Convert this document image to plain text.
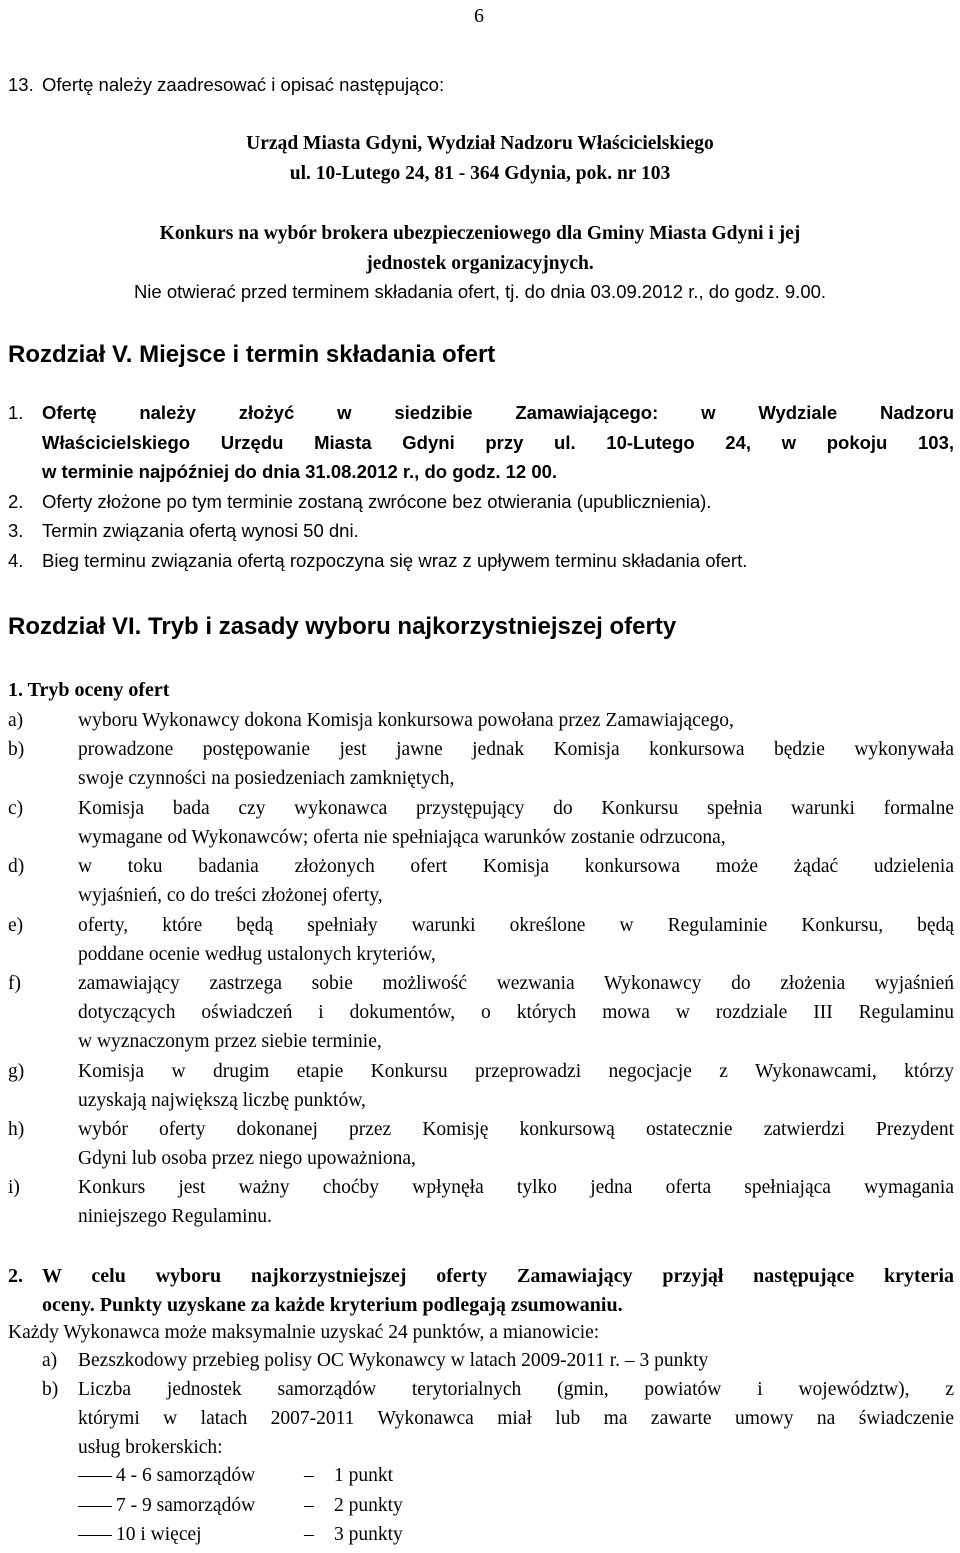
6
13. Ofertę należy zaadresować i opisać następująco:
Urząd Miasta Gdyni, Wydział Nadzoru Właścicielskiego
ul. 10-Lutego 24, 81 - 364 Gdynia, pok. nr 103
Konkurs na wybór brokera ubezpieczeniowego dla Gminy Miasta Gdyni i jej
jednostek organizacyjnych.
Nie otwierać przed terminem składania ofert, tj. do dnia 03.09.2012 r., do godz. 9.00.
Rozdział V. Miejsce i termin składania ofert
1. Ofertę należy złożyć w siedzibie Zamawiającego: w Wydziale Nadzoru
Właścicielskiego Urzędu Miasta Gdyni przy ul. 10-Lutego 24, w pokoju 103,
w terminie najpóźniej do dnia 31.08.2012 r., do godz. 12 00.
2. Oferty złożone po tym terminie zostaną zwrócone bez otwierania (upublicznienia).
3. Termin związania ofertą wynosi 50 dni.
4. Bieg terminu związania ofertą rozpoczyna się wraz z upływem terminu składania ofert.
Rozdział VI. Tryb i zasady wyboru najkorzystniejszej oferty
1. Tryb oceny ofert
a)	wyboru Wykonawcy dokona Komisja konkursowa powołana przez Zamawiającego,
b)	prowadzone postępowanie jest jawne jednak Komisja konkursowa będzie wykonywała
swoje czynności na posiedzeniach zamkniętych,
c)	Komisja bada czy wykonawca przystępujący do Konkursu spełnia warunki formalne
wymagane od Wykonawców; oferta nie spełniająca warunków zostanie odrzucona,
d)	w toku badania złożonych ofert Komisja konkursowa może żądać udzielenia
wyjaśnień, co do treści złożonej oferty,
e)	oferty, które będą spełniały warunki określone w Regulaminie Konkursu, będą
poddane ocenie według ustalonych kryteriów,
f)	zamawiający zastrzega sobie możliwość wezwania Wykonawcy do złożenia wyjaśnień
dotyczących oświadczeń i dokumentów, o których mowa w rozdziale III Regulaminu
w wyznaczonym przez siebie terminie,
g)	Komisja w drugim etapie Konkursu przeprowadzi negocjacje z Wykonawcami, którzy
uzyskają największą liczbę punktów,
h)	wybór oferty dokonanej przez Komisję konkursową ostatecznie zatwierdzi Prezydent
Gdyni lub osoba przez niego upoważniona,
i)	Konkurs jest ważny choćby wpłynęła tylko jedna oferta spełniająca wymagania
niniejszego Regulaminu.
2. W celu wyboru najkorzystniejszej oferty Zamawiający przyjął następujące kryteria
oceny. Punkty uzyskane za każde kryterium podlegają zsumowaniu.
Każdy Wykonawca może maksymalnie uzyskać 24 punktów, a mianowicie:
a) Bezszkodowy przebieg polisy OC Wykonawcy w latach 2009-2011 r. – 3 punkty
b) Liczba jednostek samorządów terytorialnych (gmin, powiatów i województw), z
którymi w latach 2007-2011 Wykonawca miał lub ma zawarte umowy na świadczenie
usług brokerskich:
4 - 6 samorządów	– 1 punkt
7 - 9 samorządów	– 2 punkty
10 i więcej	– 3 punkty
